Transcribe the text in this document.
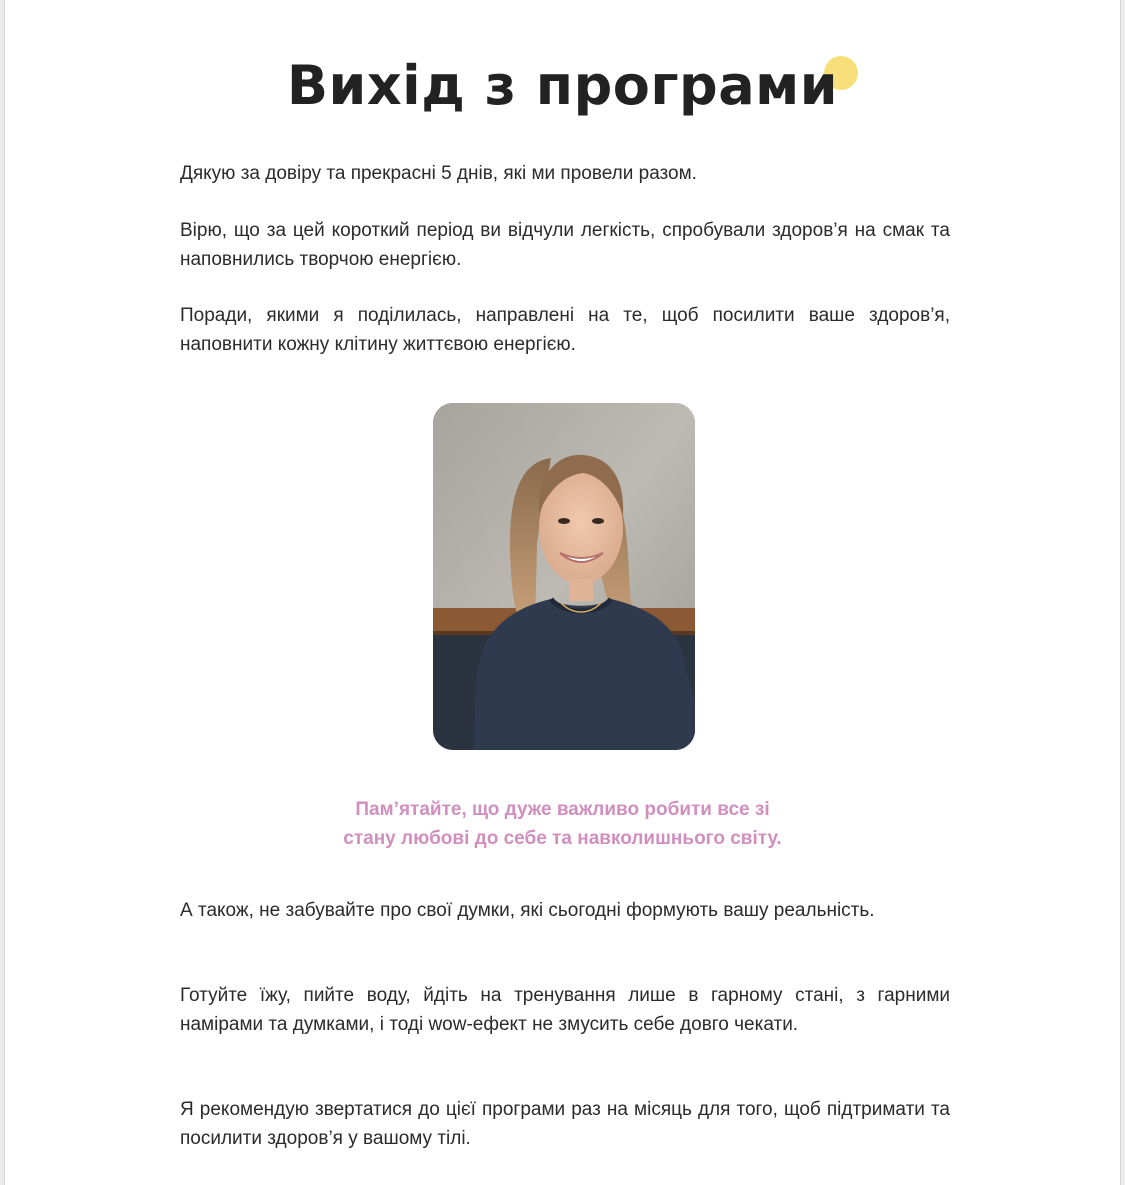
Вихід з програми

Дякую за довіру та прекрасні 5 днів, які ми провели разом.

Вірю, що за цей короткий період ви відчули легкість, спробували здоров’я на смак та наповнились творчою енергією.

Поради, якими я поділилась, направлені на те, щоб посилити ваше здоров’я, наповнити кожну клітину життєвою енергією.

Пам’ятайте, що дуже важливо робити все зі
стану любові до себе та навколишнього світу.

А також, не забувайте про свої думки, які сьогодні формують вашу реальність.

Готуйте їжу, пийте воду, йдіть на тренування лише в гарному стані, з гарними намірами та думками, і тоді wow-ефект не змусить себе довго чекати.

Я рекомендую звертатися до цієї програми раз на місяць для того, щоб підтримати та посилити здоров’я у вашому тілі.
